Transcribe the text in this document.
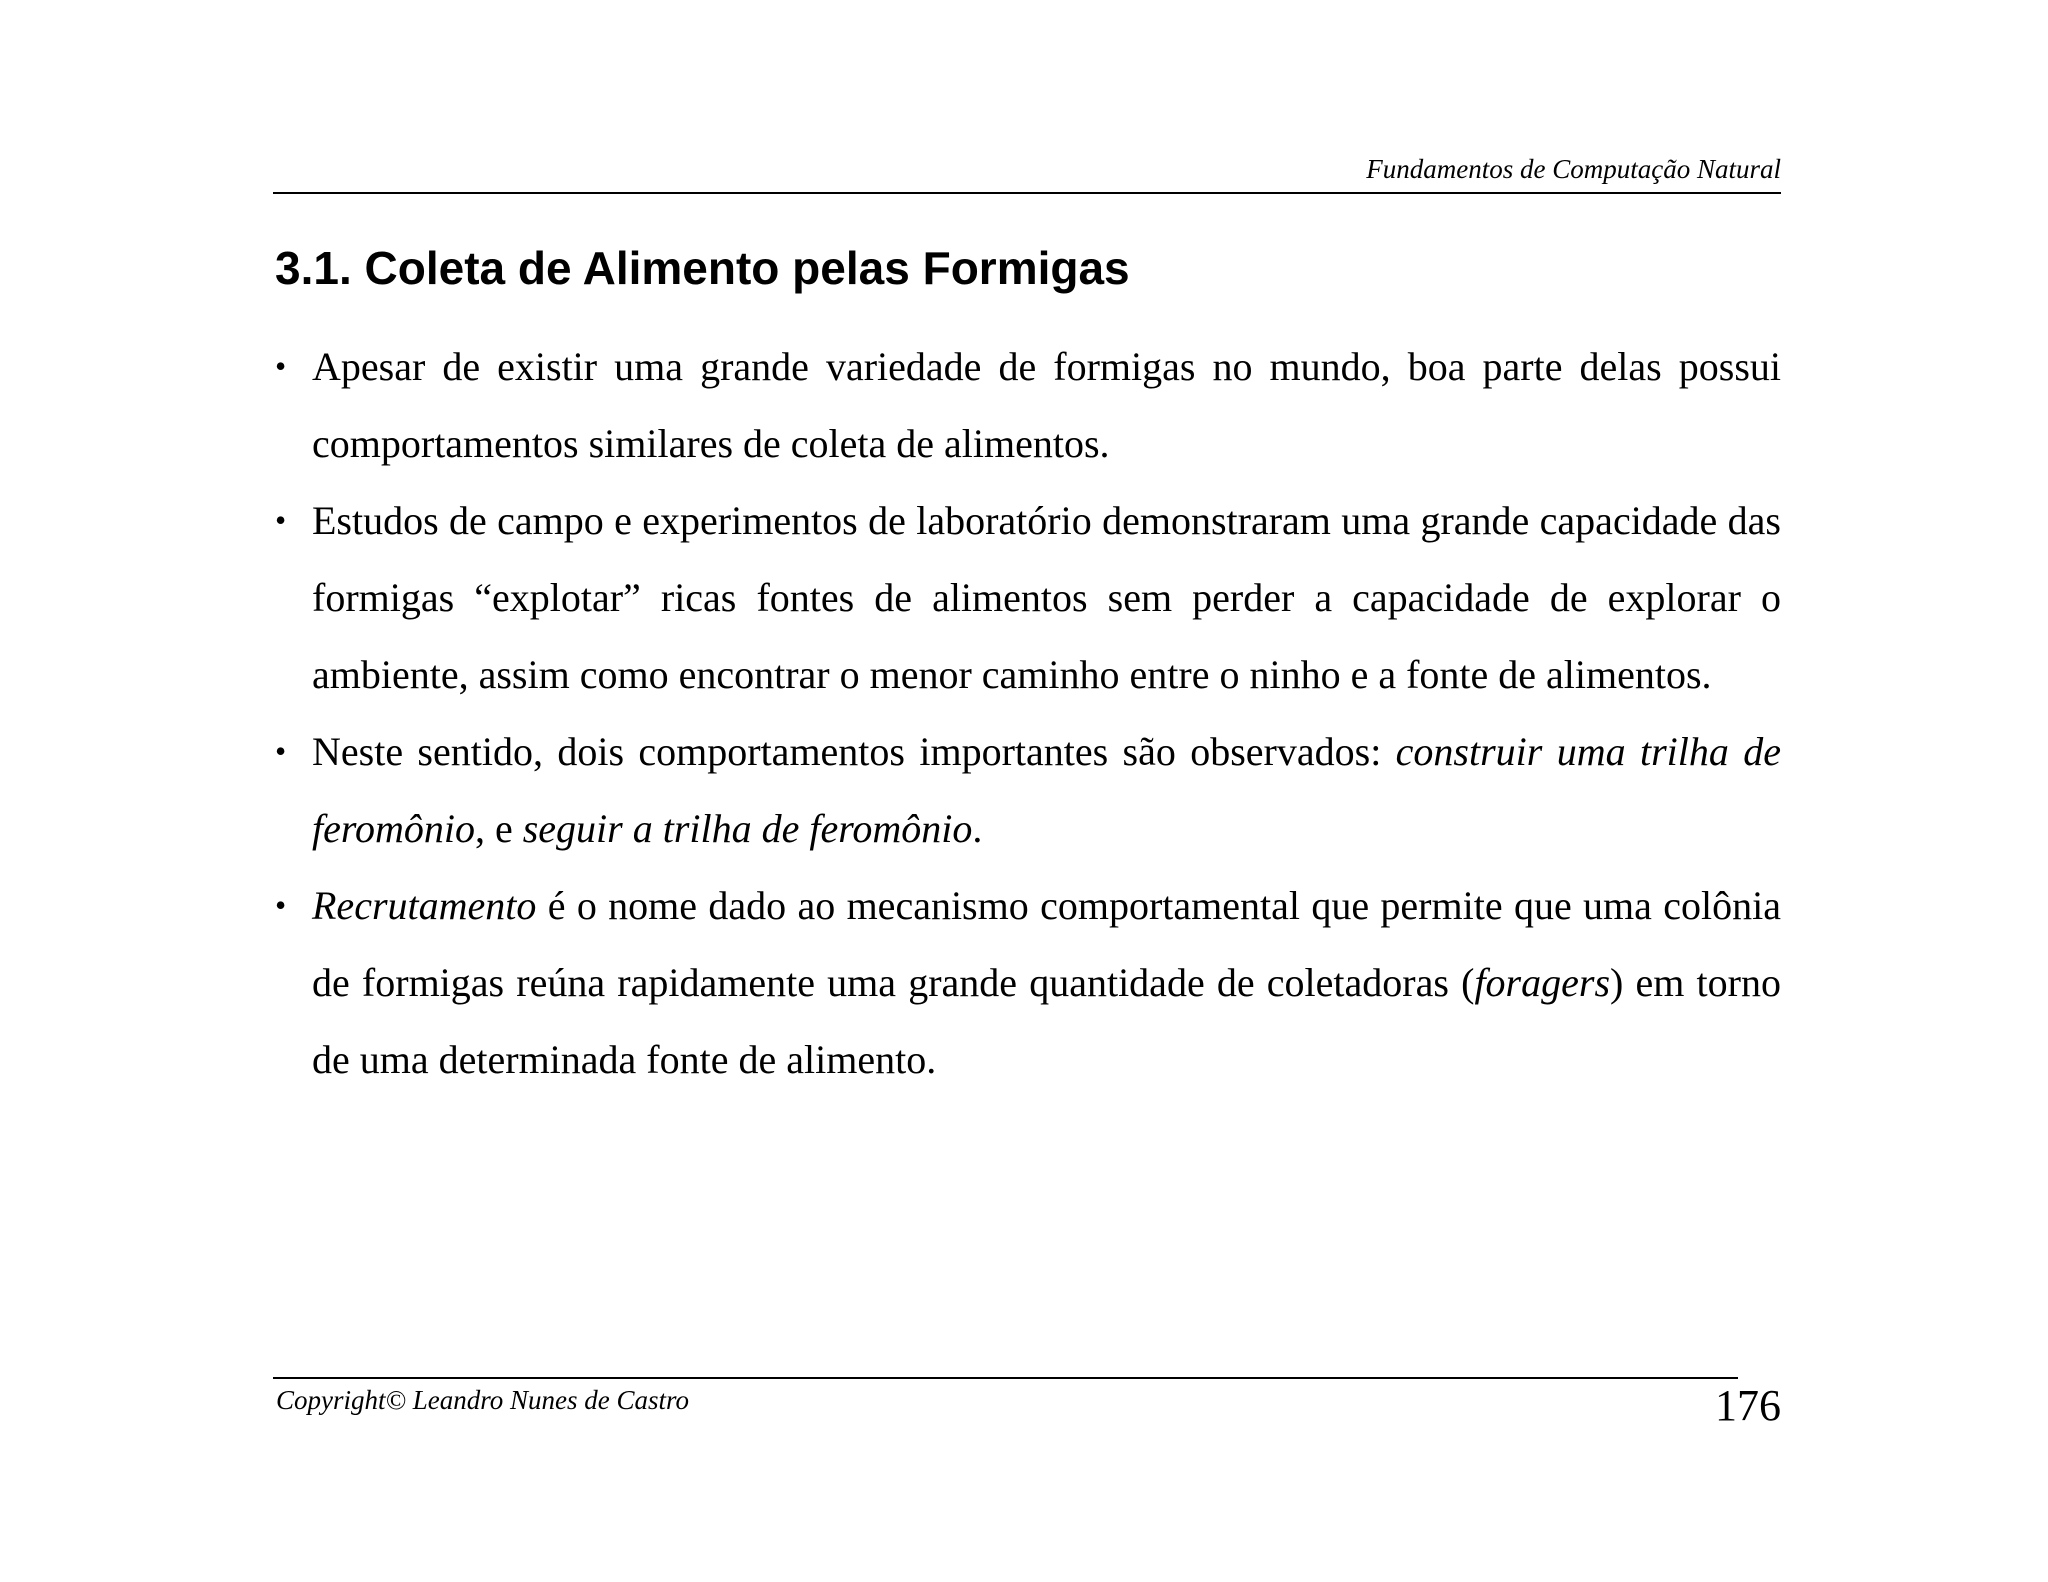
Fundamentos de Computação Natural
3.1. Coleta de Alimento pelas Formigas
• Apesar de existir uma grande variedade de formigas no mundo, boa parte delas possui comportamentos similares de coleta de alimentos.
• Estudos de campo e experimentos de laboratório demonstraram uma grande capacidade das formigas “explotar” ricas fontes de alimentos sem perder a capacidade de explorar o ambiente, assim como encontrar o menor caminho entre o ninho e a fonte de alimentos.
• Neste sentido, dois comportamentos importantes são observados: construir uma trilha de feromônio, e seguir a trilha de feromônio.
• Recrutamento é o nome dado ao mecanismo comportamental que permite que uma colônia de formigas reúna rapidamente uma grande quantidade de coletadoras (foragers) em torno de uma determinada fonte de alimento.
Copyright© Leandro Nunes de Castro	176
